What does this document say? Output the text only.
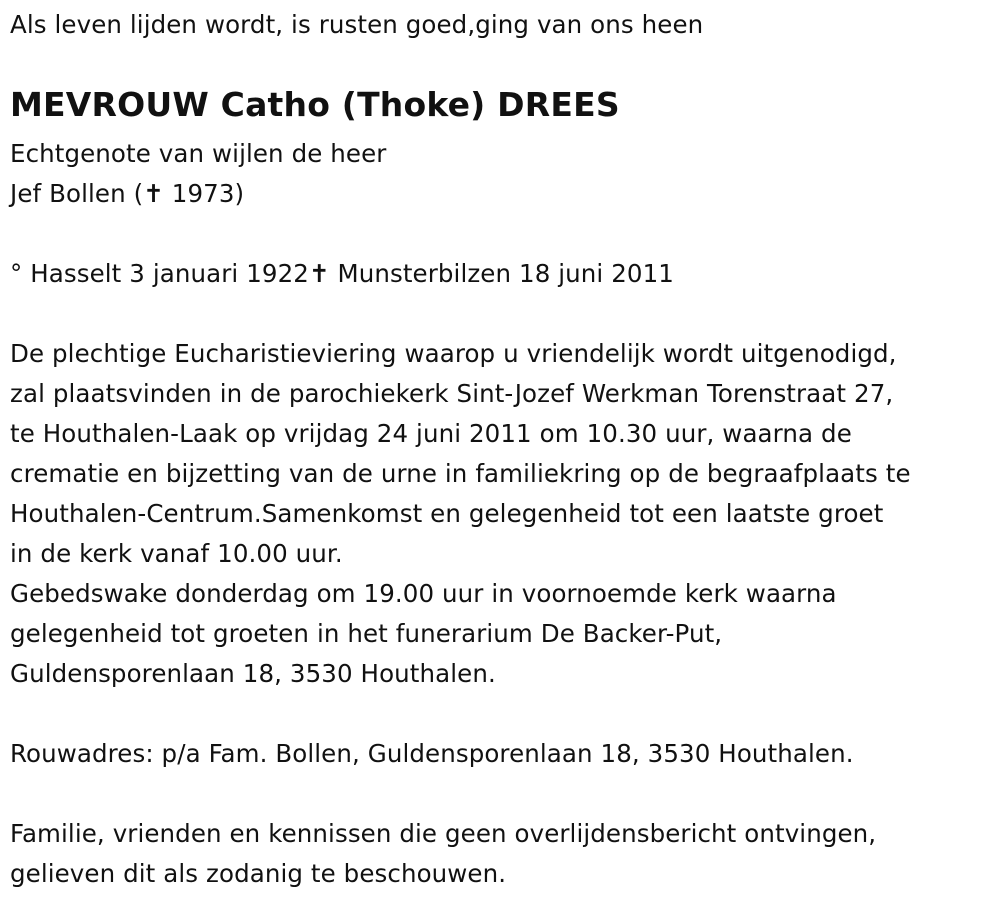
Als leven lijden wordt, is rusten goed,ging van ons heen
MEVROUW Catho (Thoke) DREES
Echtgenote van wijlen de heer
Jef Bollen (✝ 1973)
° Hasselt 3 januari 1922✝ Munsterbilzen 18 juni 2011
De plechtige Eucharistieviering waarop u vriendelijk wordt uitgenodigd,
zal plaatsvinden in de parochiekerk Sint-Jozef Werkman Torenstraat 27,
te Houthalen-Laak op vrijdag 24 juni 2011 om 10.30 uur, waarna de
crematie en bijzetting van de urne in familiekring op de begraafplaats te
Houthalen-Centrum.Samenkomst en gelegenheid tot een laatste groet
in de kerk vanaf 10.00 uur.
Gebedswake donderdag om 19.00 uur in voornoemde kerk waarna
gelegenheid tot groeten in het funerarium De Backer-Put,
Guldensporenlaan 18, 3530 Houthalen.
Rouwadres: p/a Fam. Bollen, Guldensporenlaan 18, 3530 Houthalen.
Familie, vrienden en kennissen die geen overlijdensbericht ontvingen,
gelieven dit als zodanig te beschouwen.
